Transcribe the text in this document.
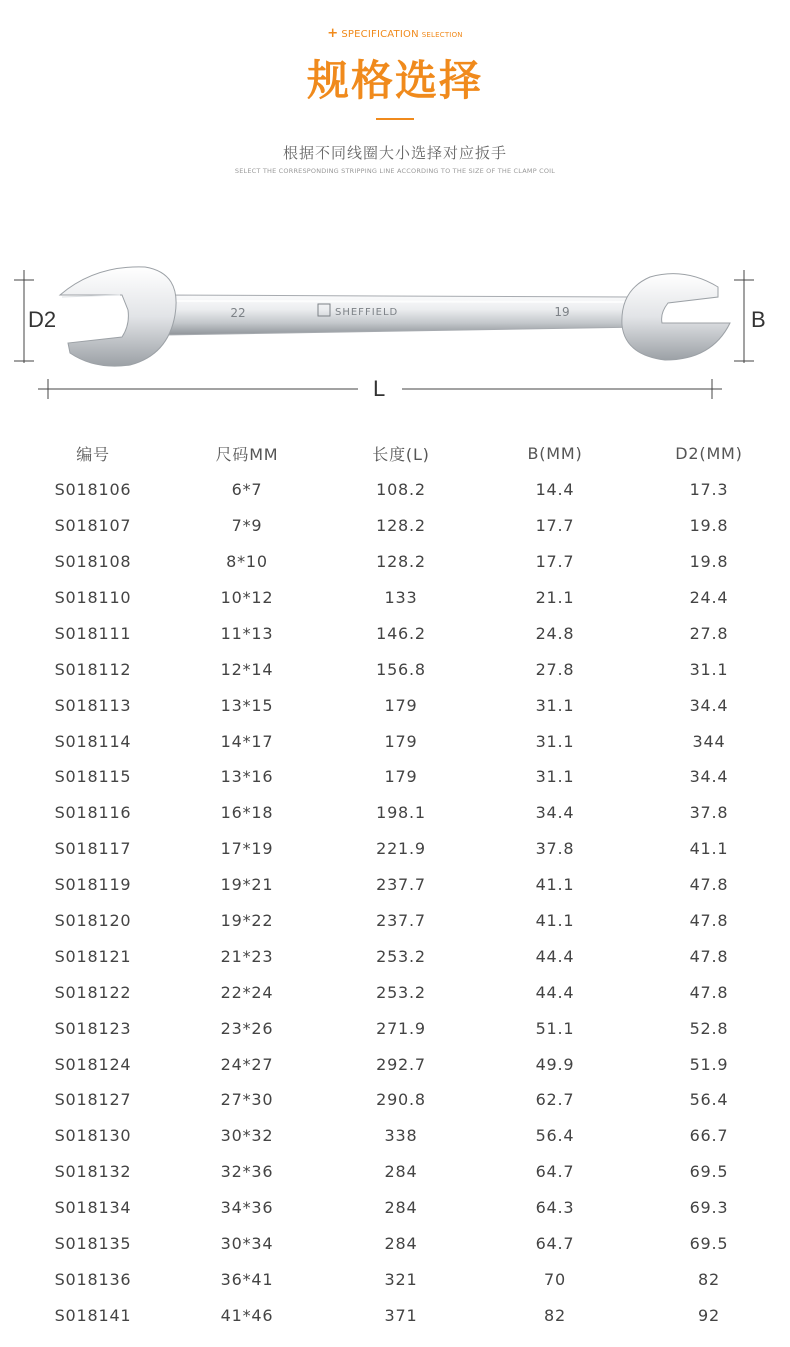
+ SPECIFICATION SELECTION
规格选择
根据不同线圈大小选择对应扳手
SELECT THE CORRESPONDING STRIPPING LINE ACCORDING TO THE SIZE OF THE CLAMP COIL
22	SHEFFIELD	19
D2	B
L
编号	尺码MM	长度(L)	B(MM)	D2(MM)
S018106	6*7	108.2	14.4	17.3
S018107	7*9	128.2	17.7	19.8
S018108	8*10	128.2	17.7	19.8
S018110	10*12	133	21.1	24.4
S018111	11*13	146.2	24.8	27.8
S018112	12*14	156.8	27.8	31.1
S018113	13*15	179	31.1	34.4
S018114	14*17	179	31.1	344
S018115	13*16	179	31.1	34.4
S018116	16*18	198.1	34.4	37.8
S018117	17*19	221.9	37.8	41.1
S018119	19*21	237.7	41.1	47.8
S018120	19*22	237.7	41.1	47.8
S018121	21*23	253.2	44.4	47.8
S018122	22*24	253.2	44.4	47.8
S018123	23*26	271.9	51.1	52.8
S018124	24*27	292.7	49.9	51.9
S018127	27*30	290.8	62.7	56.4
S018130	30*32	338	56.4	66.7
S018132	32*36	284	64.7	69.5
S018134	34*36	284	64.3	69.3
S018135	30*34	284	64.7	69.5
S018136	36*41	321	70	82
S018141	41*46	371	82	92
